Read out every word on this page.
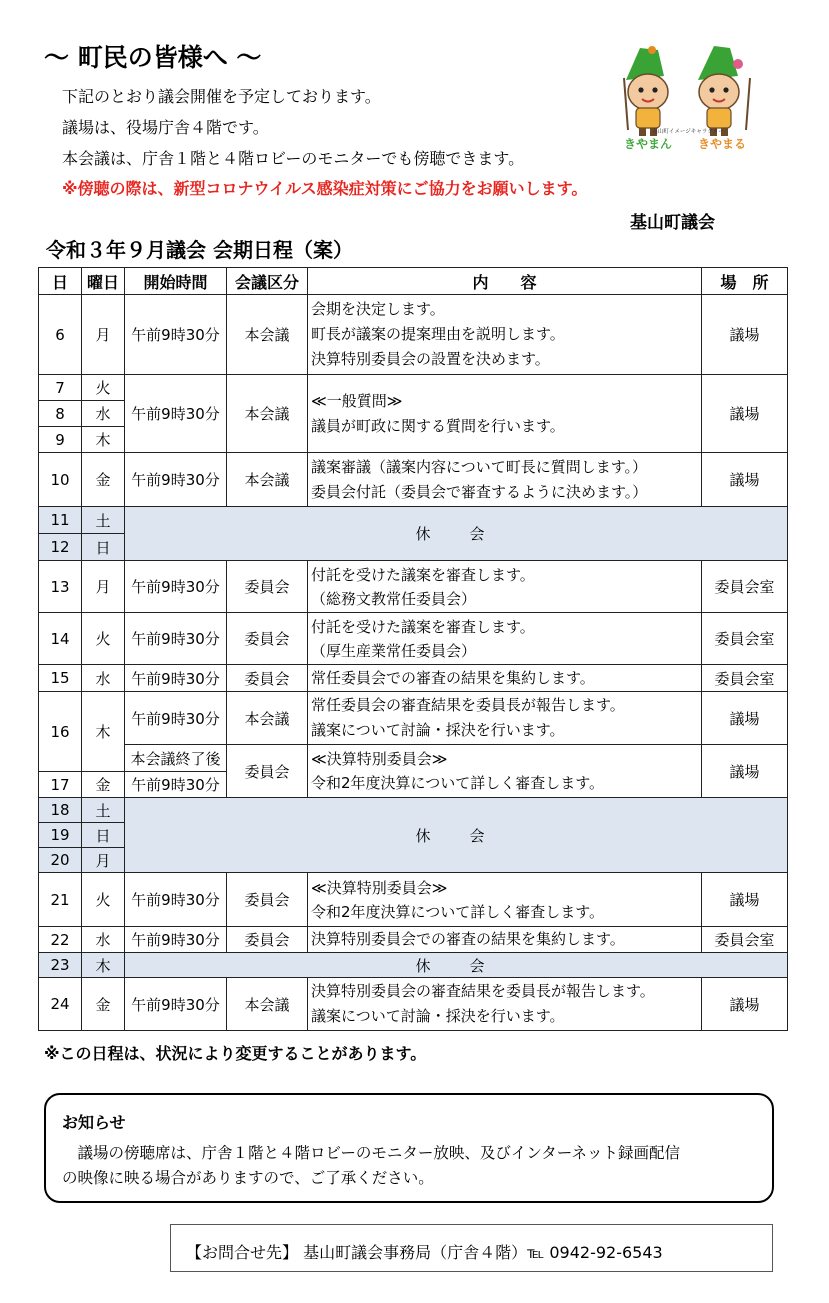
～ 町民の皆様へ ～
下記のとおり議会開催を予定しております。
議場は、役場庁舎４階です。
本会議は、庁舎１階と４階ロビーのモニターでも傍聴できます。
※傍聴の際は、新型コロナウイルス感染症対策にご協力をお願いします。
基山町議会
基山町イメージキャラクター
きやまん きやまる
令和３年９月議会 会期日程（案）
日	曜日	開始時間	会議区分	内　　容	場　所
6	月	午前9時30分	本会議	会期を決定します。
町長が議案の提案理由を説明します。
決算特別委員会の設置を決めます。	議場
7	火	午前9時30分	本会議	≪一般質問≫
議員が町政に関する質問を行います。	議場
8	水				
9	木				
10	金	午前9時30分	本会議	議案審議（議案内容について町長に質問します。）
委員会付託（委員会で審査するように決めます。）	議場
11	土	休　会			
12	日				
13	月	午前9時30分	委員会	付託を受けた議案を審査します。
（総務文教常任委員会）	委員会室
14	火	午前9時30分	委員会	付託を受けた議案を審査します。
（厚生産業常任委員会）	委員会室
15	水	午前9時30分	委員会	常任委員会での審査の結果を集約します。	委員会室
16	木	午前9時30分	本会議	常任委員会の審査結果を委員長が報告します。
議案について討論・採決を行います。	議場
		本会議終了後	委員会	≪決算特別委員会≫
令和2年度決算について詳しく審査します。	議場
17	金	午前9時30分			
18	土	休　会			
19	日				
20	月				
21	火	午前9時30分	委員会	≪決算特別委員会≫
令和2年度決算について詳しく審査します。	議場
22	水	午前9時30分	委員会	決算特別委員会での審査の結果を集約します。	委員会室
23	木	休　会			
24	金	午前9時30分	本会議	決算特別委員会の審査結果を委員長が報告します。
議案について討論・採決を行います。	議場
※この日程は、状況により変更することがあります。
お知らせ
　議場の傍聴席は、庁舎１階と４階ロビーのモニター放映、及びインターネット録画配信
の映像に映る場合がありますので、ご了承ください。
【お問合せ先】 基山町議会事務局（庁舎４階）℡ 0942-92-6543
